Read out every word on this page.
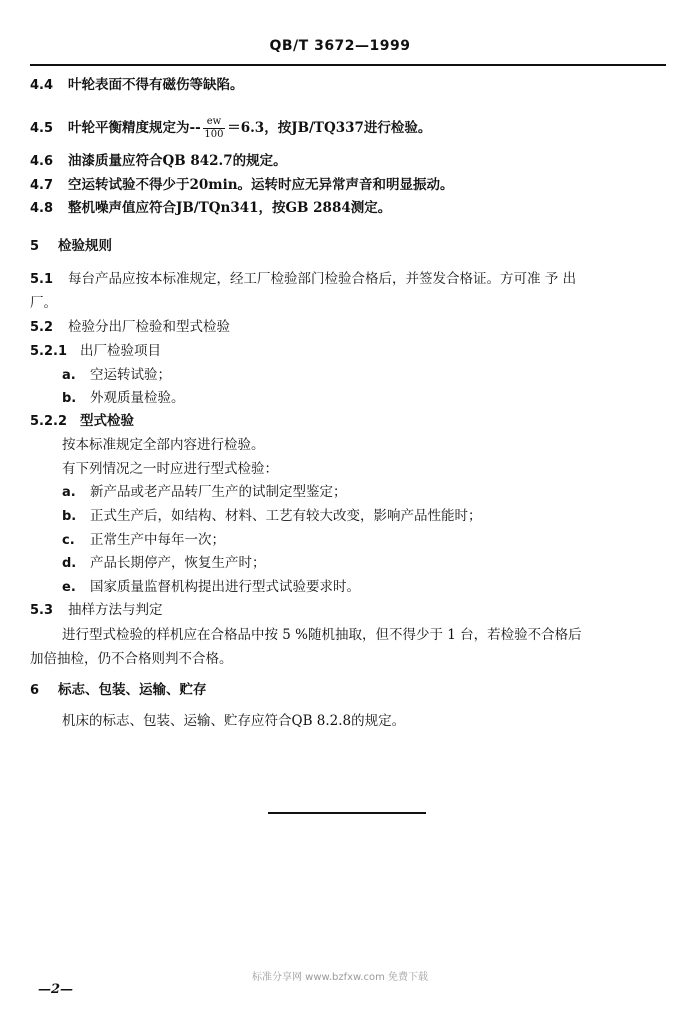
QB/T 3672—1999
4.4 叶轮表面不得有磁伤等缺陷。
4.5 叶轮平衡精度规定为-- $\frac{ew}{100} =6.3$，按JB/TQ337进行检验。
4.6 油漆质量应符合QB 842.7的规定。
4.7 空运转试验不得少于20min。运转时应无异常声音和明显振动。
4.8 整机噪声值应符合JB/TQn341，按GB 2884测定。
5 检验规则
5.1 每台产品应按本标准规定，经工厂检验部门检验合格后，并签发合格证。方可准 予 出
厂。
5.2 检验分出厂检验和型式检验
5.2.1 出厂检验项目
a. 空运转试验；
b. 外观质量检验。
5.2.2 型式检验
按本标准规定全部内容进行检验。
有下列情况之一时应进行型式检验：
a. 新产品或老产品转厂生产的试制定型鉴定；
b. 正式生产后，如结构、材料、工艺有较大改变，影响产品性能时；
c. 正常生产中每年一次；
d. 产品长期停产，恢复生产时；
e. 国家质量监督机构提出进行型式试验要求时。
5.3 抽样方法与判定
进行型式检验的样机应在合格品中按 5 %随机抽取，但不得少于 1 台，若检验不合格后
加倍抽检，仍不合格则判不合格。
6 标志、包装、运输、贮存
机床的标志、包装、运输、贮存应符合QB 8.2.8的规定。
标准分享网 www.bzfxw.com 免费下载
—2—
